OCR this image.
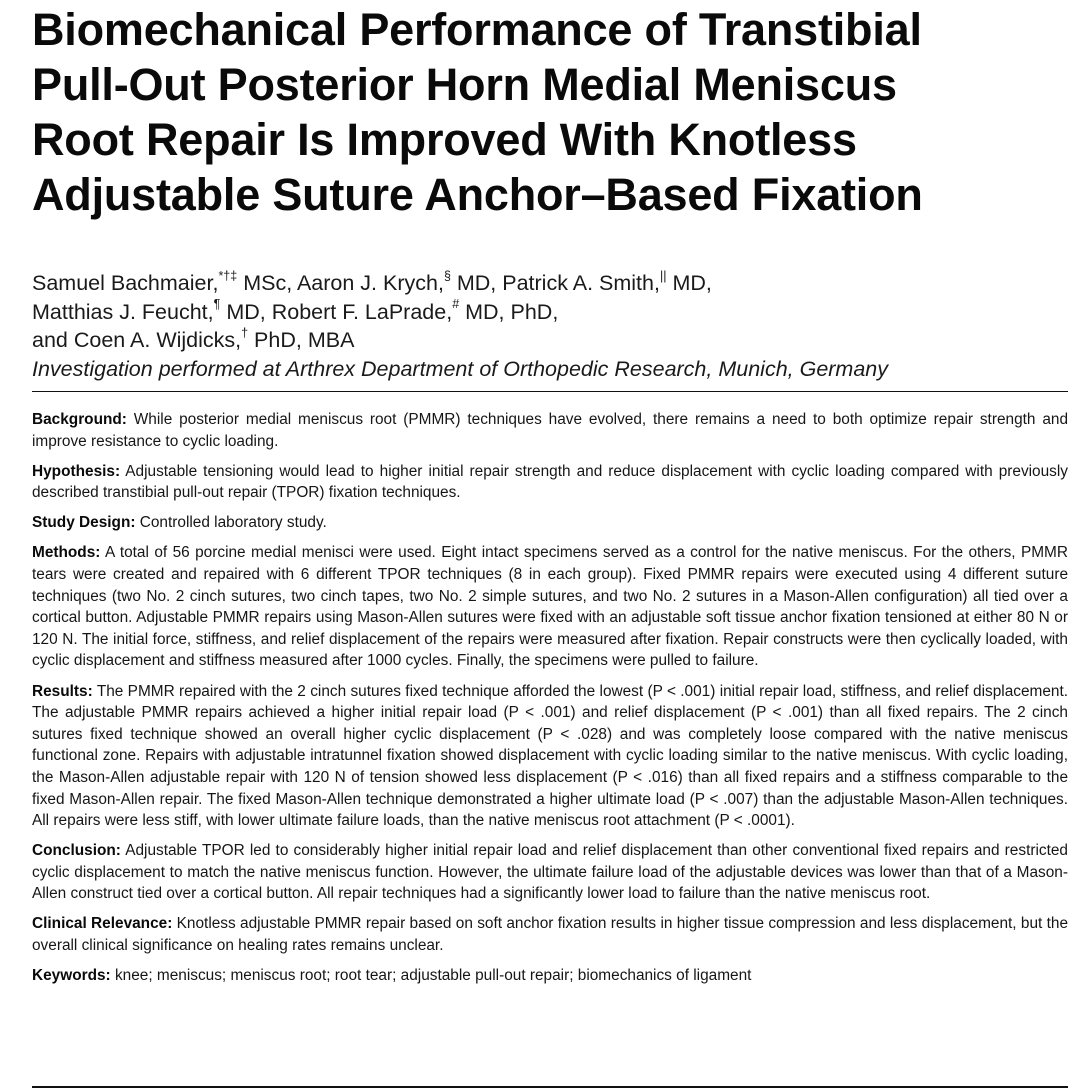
Biomechanical Performance of Transtibial
Pull-Out Posterior Horn Medial Meniscus
Root Repair Is Improved With Knotless
Adjustable Suture Anchor–Based Fixation
Samuel Bachmaier,*†‡ MSc, Aaron J. Krych,§ MD, Patrick A. Smith,|| MD,
Matthias J. Feucht,¶ MD, Robert F. LaPrade,# MD, PhD,
and Coen A. Wijdicks,† PhD, MBA
Investigation performed at Arthrex Department of Orthopedic Research, Munich, Germany

Background: While posterior medial meniscus root (PMMR) techniques have evolved, there remains a need to both optimize repair strength and improve resistance to cyclic loading.

Hypothesis: Adjustable tensioning would lead to higher initial repair strength and reduce displacement with cyclic loading compared with previously described transtibial pull-out repair (TPOR) fixation techniques.

Study Design: Controlled laboratory study.

Methods: A total of 56 porcine medial menisci were used. Eight intact specimens served as a control for the native meniscus. For the others, PMMR tears were created and repaired with 6 different TPOR techniques (8 in each group). Fixed PMMR repairs were executed using 4 different suture techniques (two No. 2 cinch sutures, two cinch tapes, two No. 2 simple sutures, and two No. 2 sutures in a Mason-Allen configuration) all tied over a cortical button. Adjustable PMMR repairs using Mason-Allen sutures were fixed with an adjustable soft tissue anchor fixation tensioned at either 80 N or 120 N. The initial force, stiffness, and relief displacement of the repairs were measured after fixation. Repair constructs were then cyclically loaded, with cyclic displacement and stiffness measured after 1000 cycles. Finally, the specimens were pulled to failure.

Results: The PMMR repaired with the 2 cinch sutures fixed technique afforded the lowest (P < .001) initial repair load, stiffness, and relief displacement. The adjustable PMMR repairs achieved a higher initial repair load (P < .001) and relief displacement (P < .001) than all fixed repairs. The 2 cinch sutures fixed technique showed an overall higher cyclic displacement (P < .028) and was completely loose compared with the native meniscus functional zone. Repairs with adjustable intratunnel fixation showed displacement with cyclic loading similar to the native meniscus. With cyclic loading, the Mason-Allen adjustable repair with 120 N of tension showed less displacement (P < .016) than all fixed repairs and a stiffness comparable to the fixed Mason-Allen repair. The fixed Mason-Allen technique demonstrated a higher ultimate load (P < .007) than the adjustable Mason-Allen techniques. All repairs were less stiff, with lower ultimate failure loads, than the native meniscus root attachment (P < .0001).

Conclusion: Adjustable TPOR led to considerably higher initial repair load and relief displacement than other conventional fixed repairs and restricted cyclic displacement to match the native meniscus function. However, the ultimate failure load of the adjustable devices was lower than that of a Mason-Allen construct tied over a cortical button. All repair techniques had a significantly lower load to failure than the native meniscus root.

Clinical Relevance: Knotless adjustable PMMR repair based on soft anchor fixation results in higher tissue compression and less displacement, but the overall clinical significance on healing rates remains unclear.

Keywords: knee; meniscus; meniscus root; root tear; adjustable pull-out repair; biomechanics of ligament
